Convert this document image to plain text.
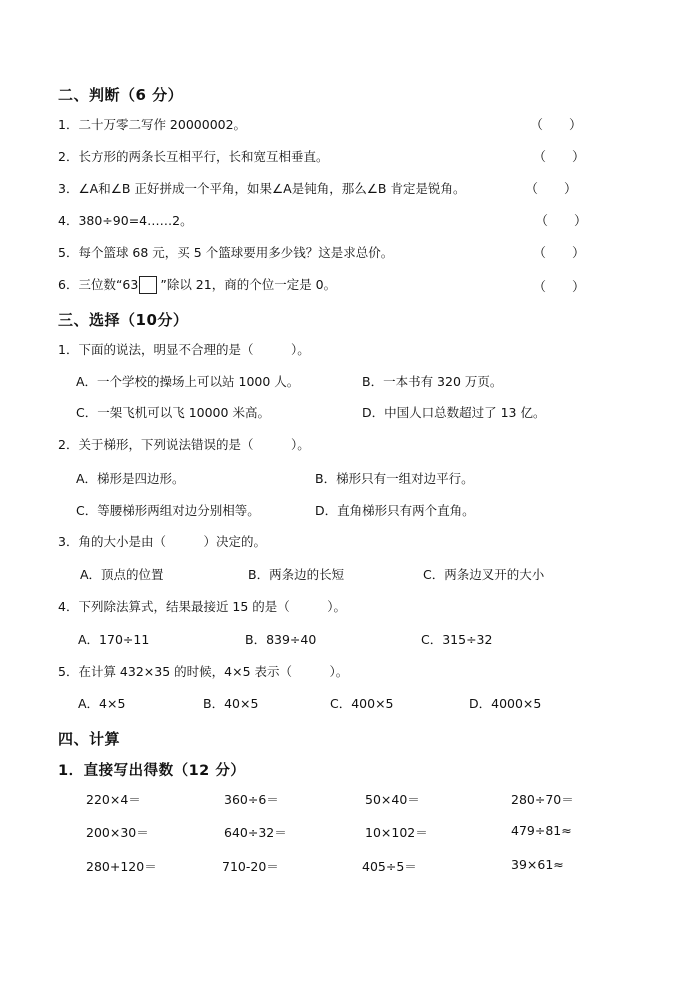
二、判断（6 分）
1．二十万零二写作 20000002。	（　　）
2．长方形的两条长互相平行，长和宽互相垂直。	（　　）
3．∠A和∠B 正好拼成一个平角，如果∠A是钝角，那么∠B 肯定是锐角。	（　　）
4．380÷90=4……2。	（　　）
5．每个篮球 68 元，买 5 个篮球要用多少钱？这是求总价。	（　　）
6．三位数“63 ”除以 21，商的个位一定是 0。	（　　）
三、选择（10分）
1．下面的说法，明显不合理的是（　　　）。
A．一个学校的操场上可以站 1000 人。	B．一本书有 320 万页。
C．一架飞机可以飞 10000 米高。	D．中国人口总数超过了 13 亿。
2．关于梯形，下列说法错误的是（　　　）。
A．梯形是四边形。	B．梯形只有一组对边平行。
C．等腰梯形两组对边分别相等。	D．直角梯形只有两个直角。
3．角的大小是由（　　　）决定的。
A．顶点的位置	B．两条边的长短	C．两条边叉开的大小
4．下列除法算式，结果最接近 15 的是（　　　）。
A．170÷11	B．839÷40	C．315÷32
5．在计算 432×35 的时候，4×5 表示（　　　）。
A．4×5	B．40×5	C．400×5	D．4000×5
四、计算
1．直接写出得数（12 分）
220×4＝	360÷6＝	50×40＝	280÷70＝
200×30＝	640÷32＝	10×102＝	479÷81≈
280+120＝	710-20＝	405÷5＝	39×61≈
